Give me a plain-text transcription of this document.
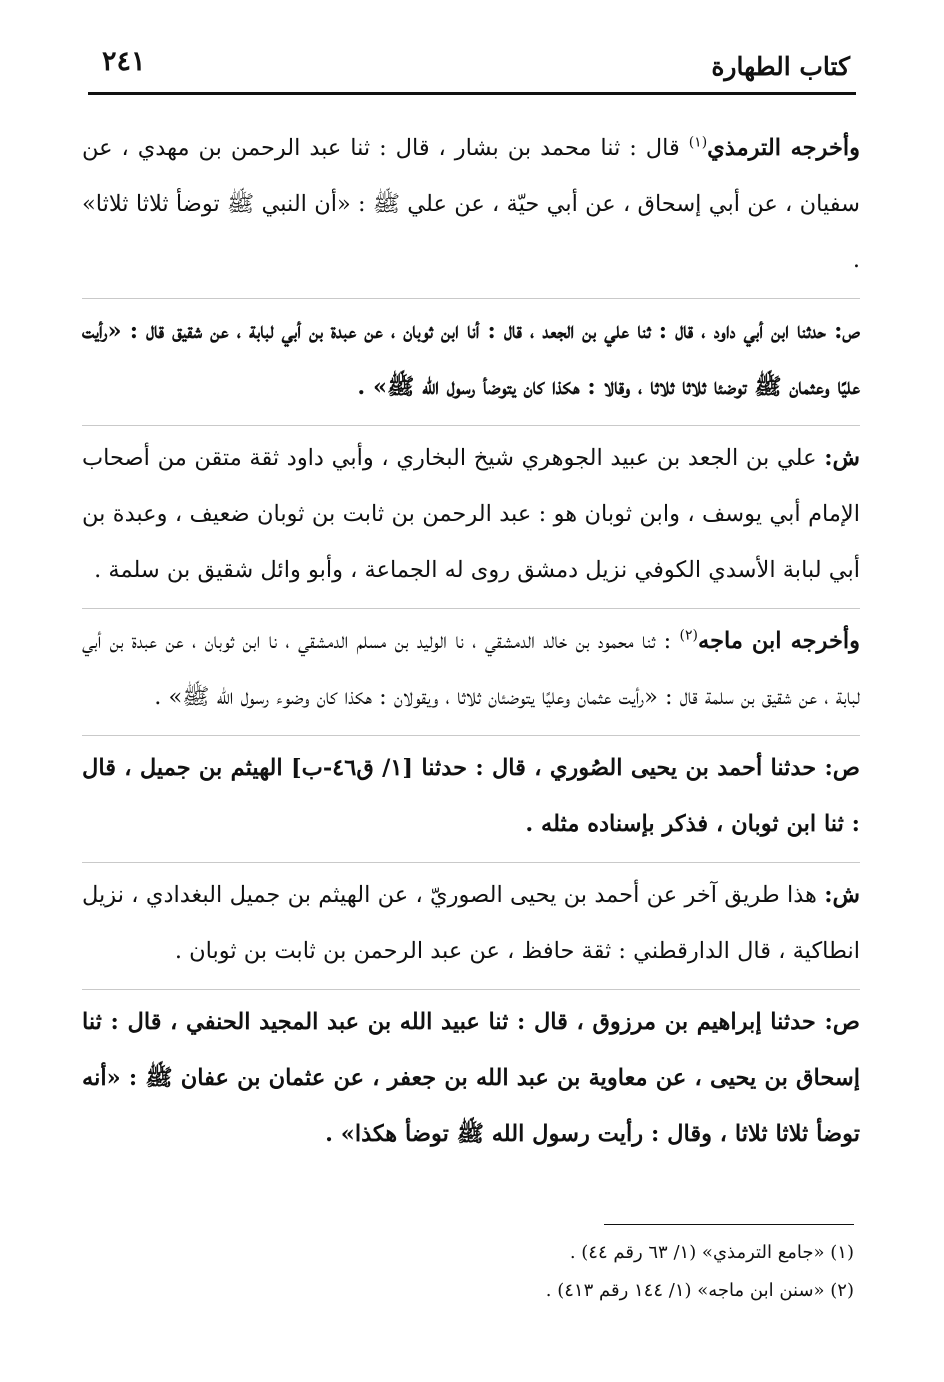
٢٤١	كتاب الطهارة

وأخرجه الترمذي$^{(١)}$ قال : ثنا محمد بن بشار ، قال : ثنا عبد الرحمن بن مهدي ، عن سفيان ، عن أبي إسحاق ، عن أبي حيّة ، عن علي ﷺ : «أن النبي ﷺ توضأ ثلاثا ثلاثا» .

ص: حدثنا ابن أبي داود ، قال : ثنا علي بن الجعد ، قال : أنا ابن ثوبان ، عن عبدة بن أبي لبابة ، عن شقيق قال : «رأيت عليًا وعثمان ﷺ توضئا ثلاثا ثلاثا ، وقالا : هكذا كان يتوضأ رسول الله ﷺ» .

ش: علي بن الجعد بن عبيد الجوهري شيخ البخاري ، وأبي داود ثقة متقن من أصحاب الإمام أبي يوسف ، وابن ثوبان هو : عبد الرحمن بن ثابت بن ثوبان ضعيف ، وعبدة بن أبي لبابة الأسدي الكوفي نزيل دمشق روى له الجماعة ، وأبو وائل شقيق بن سلمة .

وأخرجه ابن ماجه$^{(٢)}$ : ثنا محمود بن خالد الدمشقي ، نا الوليد بن مسلم الدمشقي ، نا ابن ثوبان ، عن عبدة بن أبي لبابة ، عن شقيق بن سلمة قال : «رأيت عثمان وعليًا يتوضئان ثلاثا ، ويقولان : هكذا كان وضوء رسول الله ﷺ» .

ص: حدثنا أحمد بن يحيى الصُوري ، قال : حدثنا [١/ ق٤٦-ب] الهيثم بن جميل ، قال : ثنا ابن ثوبان ، فذكر بإسناده مثله .

ش: هذا طريق آخر عن أحمد بن يحيى الصوريّ ، عن الهيثم بن جميل البغدادي ، نزيل انطاكية ، قال الدارقطني : ثقة حافظ ، عن عبد الرحمن بن ثابت بن ثوبان .

ص: حدثنا إبراهيم بن مرزوق ، قال : ثنا عبيد الله بن عبد المجيد الحنفي ، قال : ثنا إسحاق بن يحيى ، عن معاوية بن عبد الله بن جعفر ، عن عثمان بن عفان ﷺ : «أنه توضأ ثلاثا ثلاثا ، وقال : رأيت رسول الله ﷺ توضأ هكذا» .

(١) «جامع الترمذي» (١/ ٦٣ رقم ٤٤) .
(٢) «سنن ابن ماجه» (١/ ١٤٤ رقم ٤١٣) .
